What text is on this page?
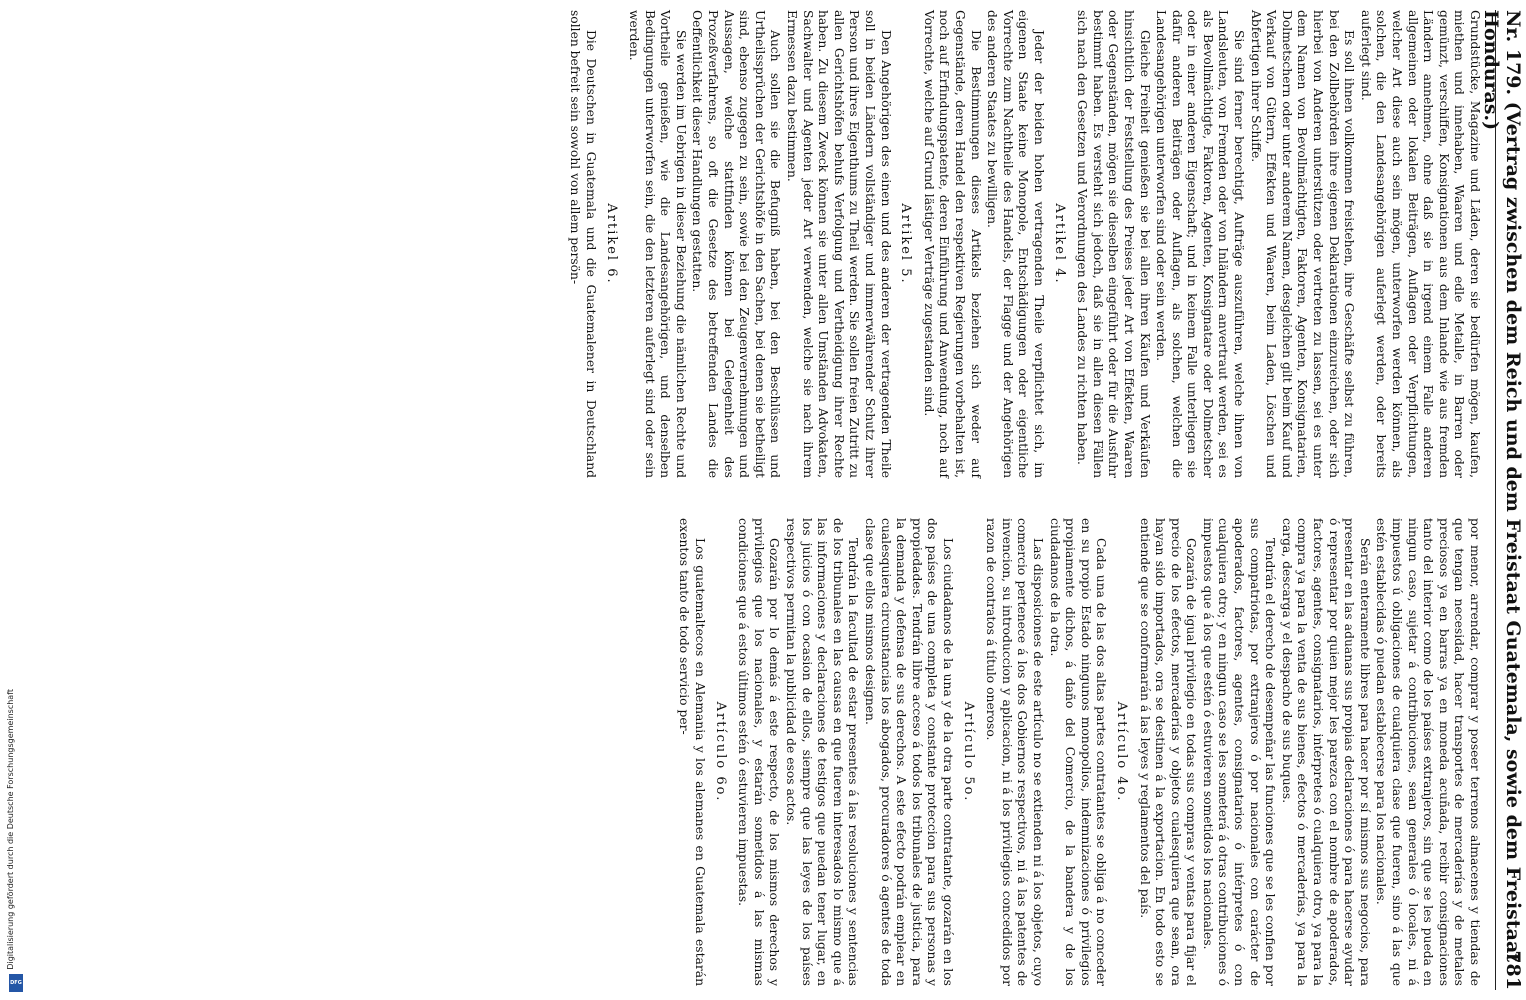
Nr. 179. (Vertrag zwischen dem Reich und dem Freistaat Guatemala, sowie dem Freistaat Honduras.)
781

Grundstücke, Magazine und Läden, deren sie bedürfen mögen, kaufen, miethen und innehaben, Waaren und edle Metalle, in Barren oder gemünzt, verschiffen, Konsignationen aus dem Inlande wie aus fremden Ländern annehmen, ohne daß sie in irgend einem Falle anderen allgemeinen oder lokalen Beiträgen, Auflagen oder Verpflichtungen, welcher Art diese auch sein mögen, unterworfen werden können, als solchen, die den Landesangehörigen auferlegt werden, oder bereits auferlegt sind.

Es soll ihnen vollkommen freistehen, ihre Geschäfte selbst zu führen, bei den Zollbehörden ihre eigenen Deklarationen einzureichen, oder sich hierbei von Anderen unterstützen oder vertreten zu lassen, sei es unter dem Namen von Bevollmächtigten, Faktoren, Agenten, Konsignatarien, Dolmetschern oder unter anderem Namen, desgleichen gilt beim Kauf und Verkauf von Gütern, Effekten und Waaren, beim Laden, Löschen und Abfertigen ihrer Schiffe.

Sie sind ferner berechtigt, Aufträge auszuführen, welche ihnen von Landsleuten, von Fremden oder von Inländern anvertraut werden, sei es als Bevollmächtigte, Faktoren, Agenten, Konsignatare oder Dolmetscher oder in einer anderen Eigenschaft; und in keinem Falle unterliegen sie dafür anderen Beiträgen oder Auflagen, als solchen, welchen die Landesangehörigen unterworfen sind oder sein werden.

Gleiche Freiheit genießen sie bei allen ihren Käufen und Verkäufen hinsichtlich der Feststellung des Preises jeder Art von Effekten, Waaren oder Gegenständen, mögen sie dieselben eingeführt oder für die Ausfuhr bestimmt haben. Es versteht sich jedoch, daß sie in allen diesen Fällen sich nach den Gesetzen und Verordnungen des Landes zu richten haben.

Artikel 4.

Jeder der beiden hohen vertragenden Theile verpflichtet sich, im eigenen Staate keine Monopole, Entschädigungen oder eigentliche Vorrechte zum Nachtheile des Handels, der Flagge und der Angehörigen des anderen Staates zu bewilligen.

Die Bestimmungen dieses Artikels beziehen sich weder auf Gegenstände, deren Handel den respektiven Regierungen vorbehalten ist, noch auf Erfindungspatente, deren Einführung und Anwendung, noch auf Vorrechte, welche auf Grund lästiger Verträge zugestanden sind.

Artikel 5.

Den Angehörigen des einen und des anderen der vertragenden Theile soll in beiden Ländern vollständiger und immerwährender Schutz ihrer Person und ihres Eigenthums zu Theil werden. Sie sollen freien Zutritt zu allen Gerichtshöfen behufs Verfolgung und Vertheidigung ihrer Rechte haben. Zu diesem Zweck können sie unter allen Umständen Advokaten, Sachwalter und Agenten jeder Art verwenden, welche sie nach ihrem Ermessen dazu bestimmen.

Auch sollen sie die Befugniß haben, bei den Beschlüssen und Urtheilssprüchen der Gerichtshöfe in den Sachen, bei denen sie betheiligt sind, ebenso zugegen zu sein, sowie bei den Zeugenvernehmungen und Aussagen, welche stattfinden können bei Gelegenheit des Prozeßverfahrens, so oft die Gesetze des betreffenden Landes die Oeffentlichkeit dieser Handlungen gestatten.

Sie werden im Uebrigen in dieser Beziehung die nämlichen Rechte und Vortheile genießen, wie die Landesangehörigen, und denselben Bedingungen unterworfen sein, die den letzteren auferlegt sind oder sein werden.

Artikel 6.

Die Deutschen in Guatemala und die Guatemalener in Deutschland sollen befreit sein sowohl von allem persön-

por menor, arrendar, comprar y poseer terrenos almacenes y tiendas de que tengan necesidad, hacer transportes de mercaderías y de metales preciosos ya en barras ya en moneda acuñada, recibir consignaciones tanto del interior como de los países extranjeros, sin que se les pueda en ningun caso, sujetar á contribuciones, sean generales ó locales, ni á impuestos ú obligaciones de cualquiera clase que fueren, sino á las que estén establecidas ó puedan establecerse para los nacionales.

Serán enteramente libres para hacer por sí mismos sus negocios, para presentar en las aduanas sus propias declaraciones ó para hacerse ayudar ó representar por quien mejor les parezca con el nombre de apoderados, factores, agentes, consignatarios, intérpretes ó cualquiera otro, ya para la compra ya para la venta de sus bienes, efectos ó mercaderías, ya para la carga, descarga y el despacho de sus buques.

Tendrán el derecho de desempeñar las funciones que se les confien por sus compatriotas, por extranjeros ó por nacionales con carácter de apoderados, factores, agentes, consignatarios ó intérpretes ó con cualquiera otro; y en ningun caso se les someterá á otras contribuciones ó impuestos que á los que estén ó estuvieren sometidos los nacionales.

Gozarán de igual privilegio en todas sus compras y ventas para fijar el precio de los efectos, mercaderías y objetos cualesquiera que sean, ora hayan sido importados, ora se destinen á la exportacion. En todo esto se entiende que se conformarán á las leyes y reglamentos del país.

Artículo 4o.

Cada una de las dos altas partes contratantes se obliga á no conceder en su propio Estado ningunos monopolios, indemnizaciones ó privilegios propiamente dichos, á daño del Comercio, de la bandera y de los ciudadanos de la otra.

Las disposiciones de este artículo no se extienden ni á los objetos, cuyo comercio pertenece á los dos Gobiernos respectivos, ni á las patentes de invencion, su introduccion y aplicacion, ni á los privilegios concedidos por razon de contratos á título oneroso.

Artículo 5o.

Los ciudadanos de la una y de la otra parte contratante, gozarán en los dos países de una completa y constante proteccion para sus personas y propiedades. Tendrán libre acceso á todos los tribunales de justicia, para la demanda y defensa de sus derechos. A este efecto podrán emplear en cualesquiera circunstancias los abogados, procuradores ó agentes de toda clase que ellos mismos designen.

Tendrán la facultad de estar presentes á las resoluciones y sentencias de los tribunales en las causas en que fueren interesados lo mismo que á las informaciones y declaraciones de testigos que puedan tener lugar, en los juicios ó con ocasion de ellos, siempre que las leyes de los países respectivos permitan la publicidad de esos actos.

Gozarán por lo demás á este respecto, de los mismos derechos y privilegios que los nacionales, y estarán sometidos á las mismas condiciones que á estos últimos estén ó estuvieren impuestas.

Artículo 6o.

Los guatemaltecos en Alemania y los alemanes en Guatemala estarán exentos tanto de todo servicio per-

Digitalisierung gefördert durch die Deutsche Forschungsgemeinschaft
DFG
